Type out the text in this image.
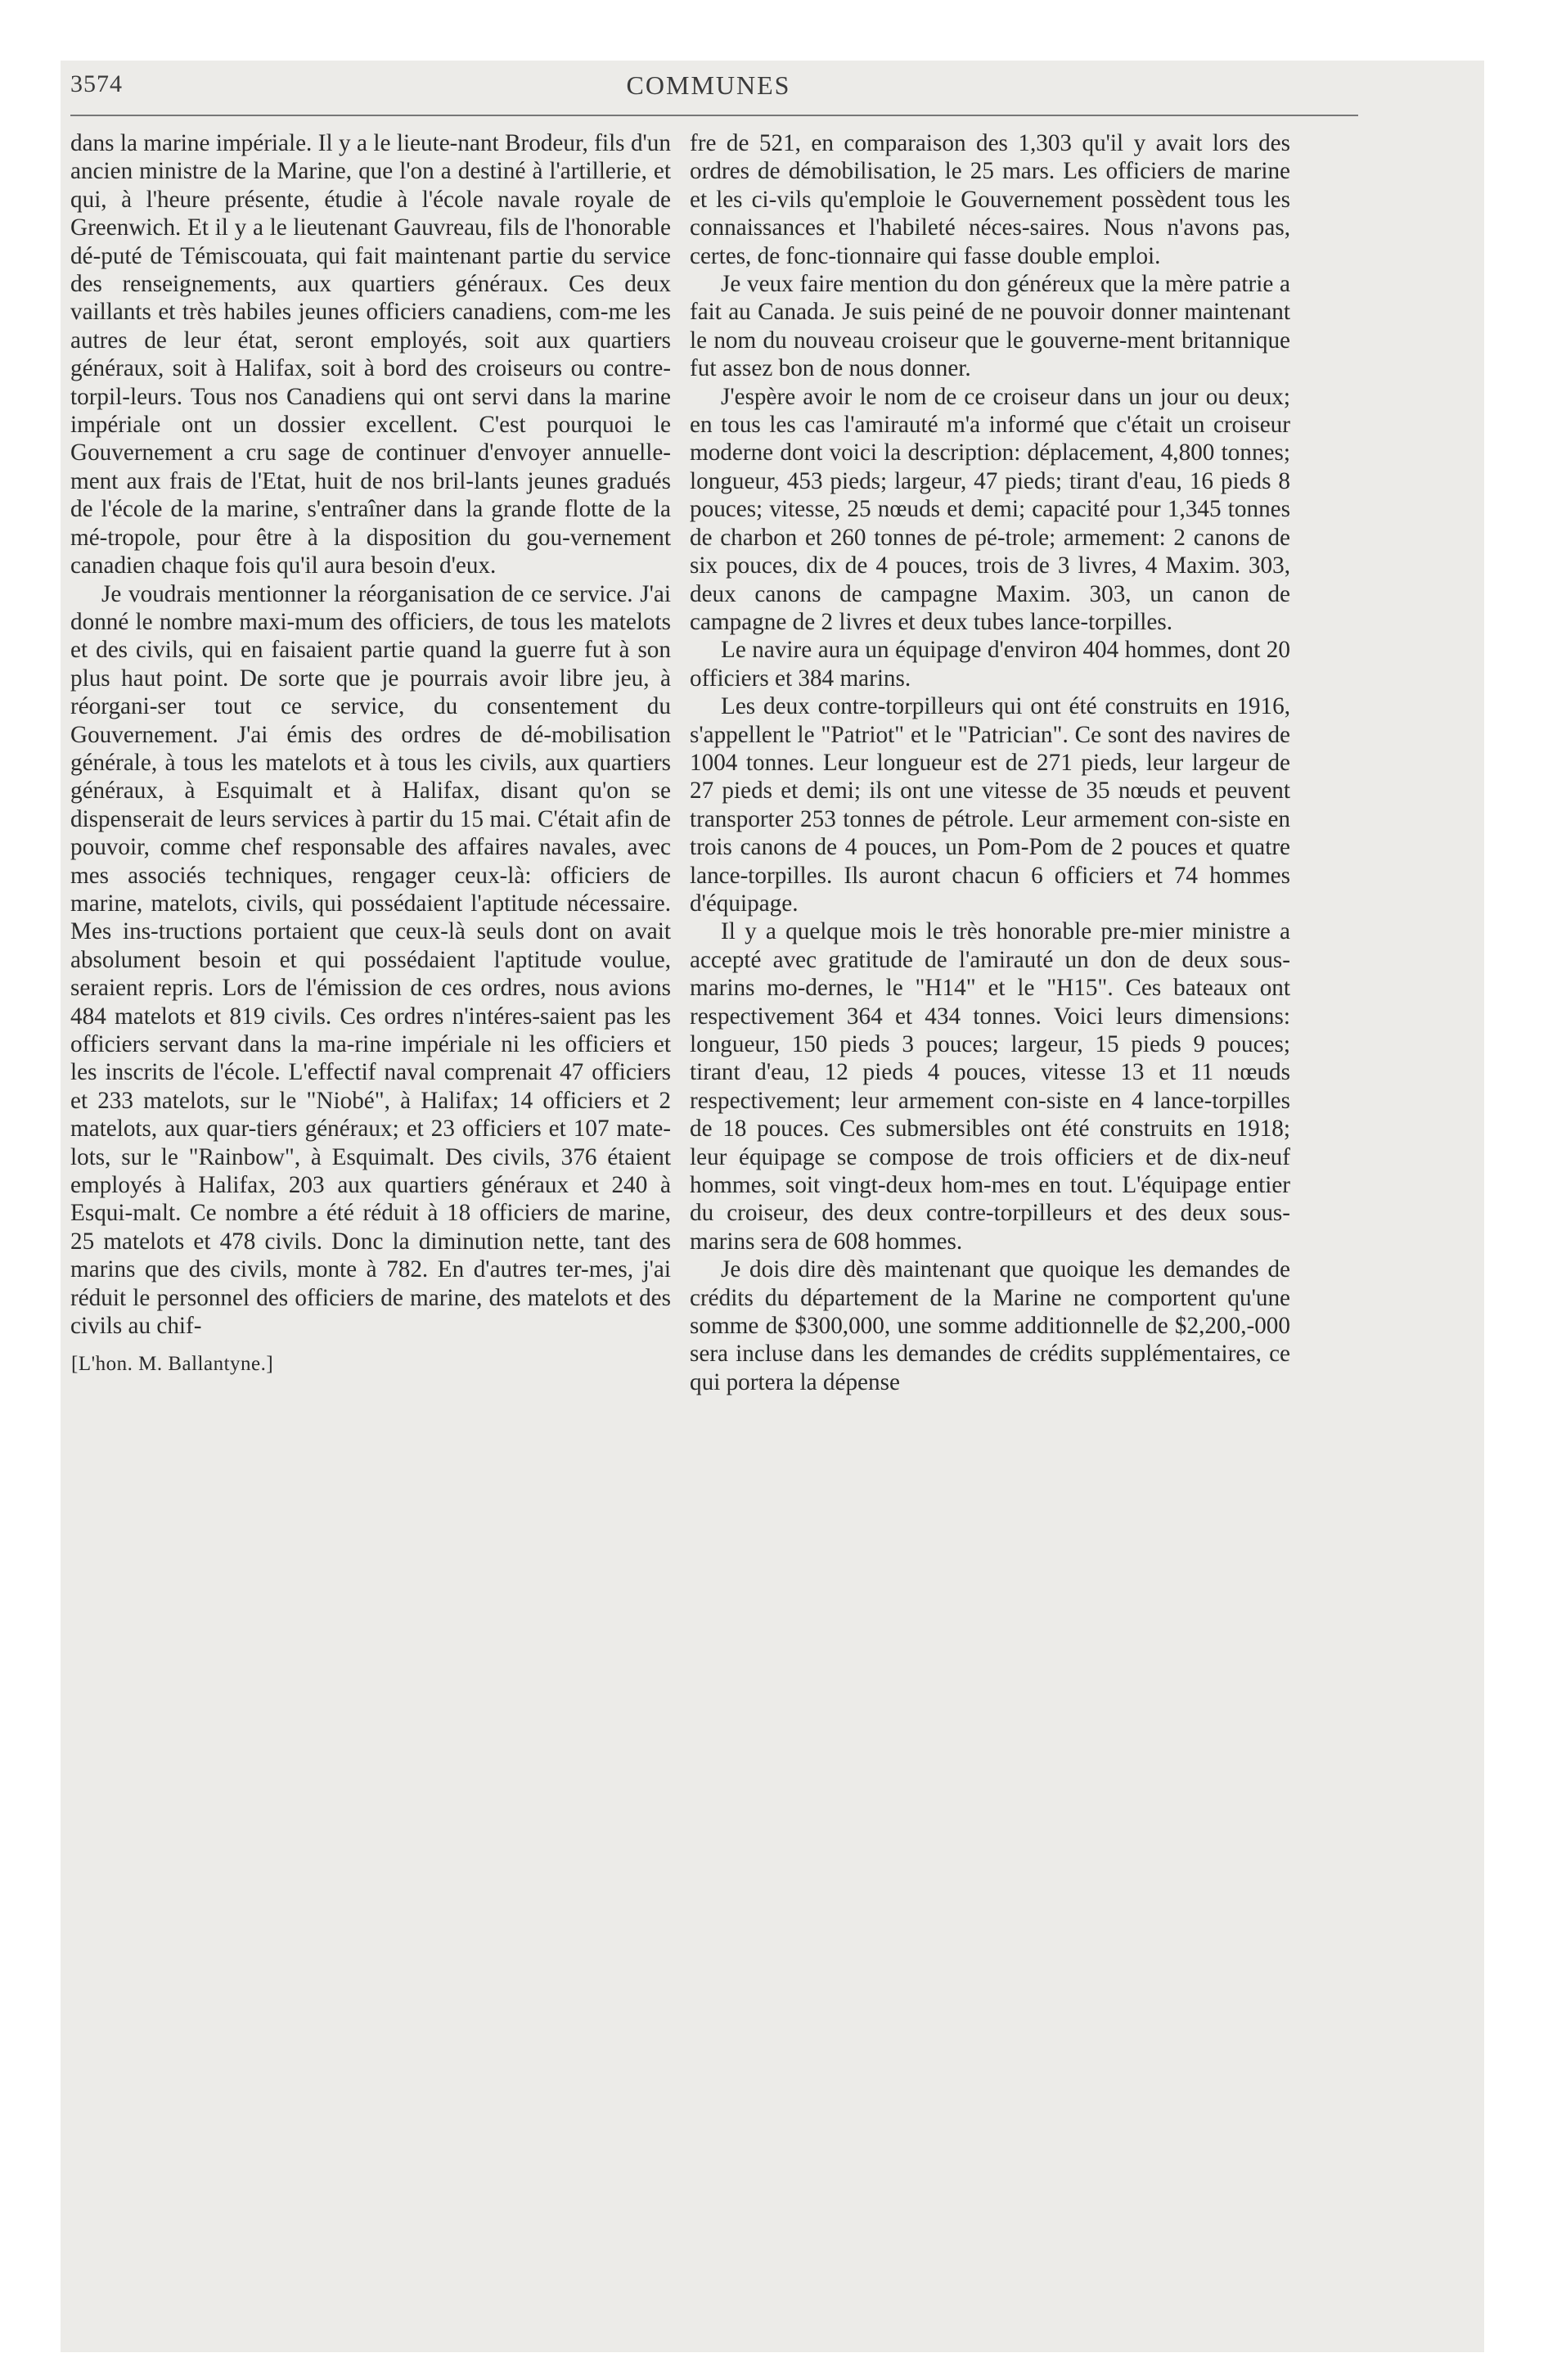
3574	COMMUNES

dans la marine impériale. Il y a le lieute-nant Brodeur, fils d'un ancien ministre de la Marine, que l'on a destiné à l'artillerie, et qui, à l'heure présente, étudie à l'école navale royale de Greenwich. Et il y a le lieutenant Gauvreau, fils de l'honorable dé-puté de Témiscouata, qui fait maintenant partie du service des renseignements, aux quartiers généraux. Ces deux vaillants et très habiles jeunes officiers canadiens, com-me les autres de leur état, seront employés, soit aux quartiers généraux, soit à Halifax, soit à bord des croiseurs ou contre-torpil-leurs. Tous nos Canadiens qui ont servi dans la marine impériale ont un dossier excellent. C'est pourquoi le Gouvernement a cru sage de continuer d'envoyer annuelle-ment aux frais de l'Etat, huit de nos bril-lants jeunes gradués de l'école de la marine, s'entraîner dans la grande flotte de la mé-tropole, pour être à la disposition du gou-vernement canadien chaque fois qu'il aura besoin d'eux.

Je voudrais mentionner la réorganisation de ce service. J'ai donné le nombre maxi-mum des officiers, de tous les matelots et des civils, qui en faisaient partie quand la guerre fut à son plus haut point. De sorte que je pourrais avoir libre jeu, à réorgani-ser tout ce service, du consentement du Gouvernement. J'ai émis des ordres de dé-mobilisation générale, à tous les matelots et à tous les civils, aux quartiers généraux, à Esquimalt et à Halifax, disant qu'on se dispenserait de leurs services à partir du 15 mai. C'était afin de pouvoir, comme chef responsable des affaires navales, avec mes associés techniques, rengager ceux-là: officiers de marine, matelots, civils, qui possédaient l'aptitude nécessaire. Mes ins-tructions portaient que ceux-là seuls dont on avait absolument besoin et qui possédaient l'aptitude voulue, seraient repris. Lors de l'émission de ces ordres, nous avions 484 matelots et 819 civils. Ces ordres n'intéres-saient pas les officiers servant dans la ma-rine impériale ni les officiers et les inscrits de l'école. L'effectif naval comprenait 47 officiers et 233 matelots, sur le "Niobé", à Halifax; 14 officiers et 2 matelots, aux quar-tiers généraux; et 23 officiers et 107 mate-lots, sur le "Rainbow", à Esquimalt. Des civils, 376 étaient employés à Halifax, 203 aux quartiers généraux et 240 à Esqui-malt. Ce nombre a été réduit à 18 officiers de marine, 25 matelots et 478 civils. Donc la diminution nette, tant des marins que des civils, monte à 782. En d'autres ter-mes, j'ai réduit le personnel des officiers de marine, des matelots et des civils au chif-

fre de 521, en comparaison des 1,303 qu'il y avait lors des ordres de démobilisation, le 25 mars. Les officiers de marine et les ci-vils qu'emploie le Gouvernement possèdent tous les connaissances et l'habileté néces-saires. Nous n'avons pas, certes, de fonc-tionnaire qui fasse double emploi.

Je veux faire mention du don généreux que la mère patrie a fait au Canada. Je suis peiné de ne pouvoir donner maintenant le nom du nouveau croiseur que le gouverne-ment britannique fut assez bon de nous donner.

J'espère avoir le nom de ce croiseur dans un jour ou deux; en tous les cas l'amirauté m'a informé que c'était un croiseur moderne dont voici la description: déplacement, 4,800 tonnes; longueur, 453 pieds; largeur, 47 pieds; tirant d'eau, 16 pieds 8 pouces; vitesse, 25 nœuds et demi; capacité pour 1,345 tonnes de charbon et 260 tonnes de pé-trole; armement: 2 canons de six pouces, dix de 4 pouces, trois de 3 livres, 4 Maxim. 303, deux canons de campagne Maxim. 303, un canon de campagne de 2 livres et deux tubes lance-torpilles.

Le navire aura un équipage d'environ 404 hommes, dont 20 officiers et 384 marins.

Les deux contre-torpilleurs qui ont été construits en 1916, s'appellent le "Patriot" et le "Patrician". Ce sont des navires de 1004 tonnes. Leur longueur est de 271 pieds, leur largeur de 27 pieds et demi; ils ont une vitesse de 35 nœuds et peuvent transporter 253 tonnes de pétrole. Leur armement con-siste en trois canons de 4 pouces, un Pom-Pom de 2 pouces et quatre lance-torpilles. Ils auront chacun 6 officiers et 74 hommes d'équipage.

Il y a quelque mois le très honorable pre-mier ministre a accepté avec gratitude de l'amirauté un don de deux sous-marins mo-dernes, le "H14" et le "H15". Ces bateaux ont respectivement 364 et 434 tonnes. Voici leurs dimensions: longueur, 150 pieds 3 pouces; largeur, 15 pieds 9 pouces; tirant d'eau, 12 pieds 4 pouces, vitesse 13 et 11 nœuds respectivement; leur armement con-siste en 4 lance-torpilles de 18 pouces. Ces submersibles ont été construits en 1918; leur équipage se compose de trois officiers et de dix-neuf hommes, soit vingt-deux hom-mes en tout. L'équipage entier du croiseur, des deux contre-torpilleurs et des deux sous-marins sera de 608 hommes.

Je dois dire dès maintenant que quoique les demandes de crédits du département de la Marine ne comportent qu'une somme de $300,000, une somme additionnelle de $2,200,-000 sera incluse dans les demandes de crédits supplémentaires, ce qui portera la dépense

[L'hon. M. Ballantyne.]
